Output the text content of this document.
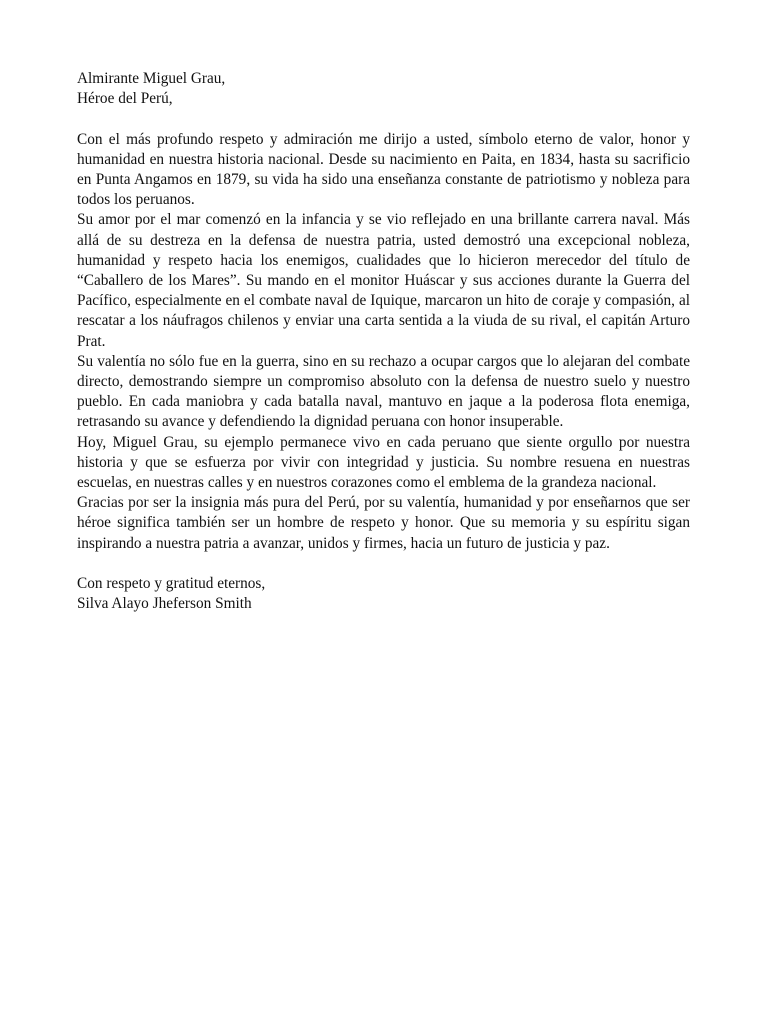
Almirante Miguel Grau,

Héroe del Perú,

Con el más profundo respeto y admiración me dirijo a usted, símbolo eterno de valor, honor y humanidad en nuestra historia nacional. Desde su nacimiento en Paita, en 1834, hasta su sacrificio en Punta Angamos en 1879, su vida ha sido una enseñanza constante de patriotismo y nobleza para todos los peruanos.

Su amor por el mar comenzó en la infancia y se vio reflejado en una brillante carrera naval. Más allá de su destreza en la defensa de nuestra patria, usted demostró una excepcional nobleza, humanidad y respeto hacia los enemigos, cualidades que lo hicieron merecedor del título de “Caballero de los Mares”. Su mando en el monitor Huáscar y sus acciones durante la Guerra del Pacífico, especialmente en el combate naval de Iquique, marcaron un hito de coraje y compasión, al rescatar a los náufragos chilenos y enviar una carta sentida a la viuda de su rival, el capitán Arturo Prat.

Su valentía no sólo fue en la guerra, sino en su rechazo a ocupar cargos que lo alejaran del combate directo, demostrando siempre un compromiso absoluto con la defensa de nuestro suelo y nuestro pueblo. En cada maniobra y cada batalla naval, mantuvo en jaque a la poderosa flota enemiga, retrasando su avance y defendiendo la dignidad peruana con honor insuperable.

Hoy, Miguel Grau, su ejemplo permanece vivo en cada peruano que siente orgullo por nuestra historia y que se esfuerza por vivir con integridad y justicia. Su nombre resuena en nuestras escuelas, en nuestras calles y en nuestros corazones como el emblema de la grandeza nacional.

Gracias por ser la insignia más pura del Perú, por su valentía, humanidad y por enseñarnos que ser héroe significa también ser un hombre de respeto y honor. Que su memoria y su espíritu sigan inspirando a nuestra patria a avanzar, unidos y firmes, hacia un futuro de justicia y paz.

Con respeto y gratitud eternos,

Silva Alayo Jheferson Smith
